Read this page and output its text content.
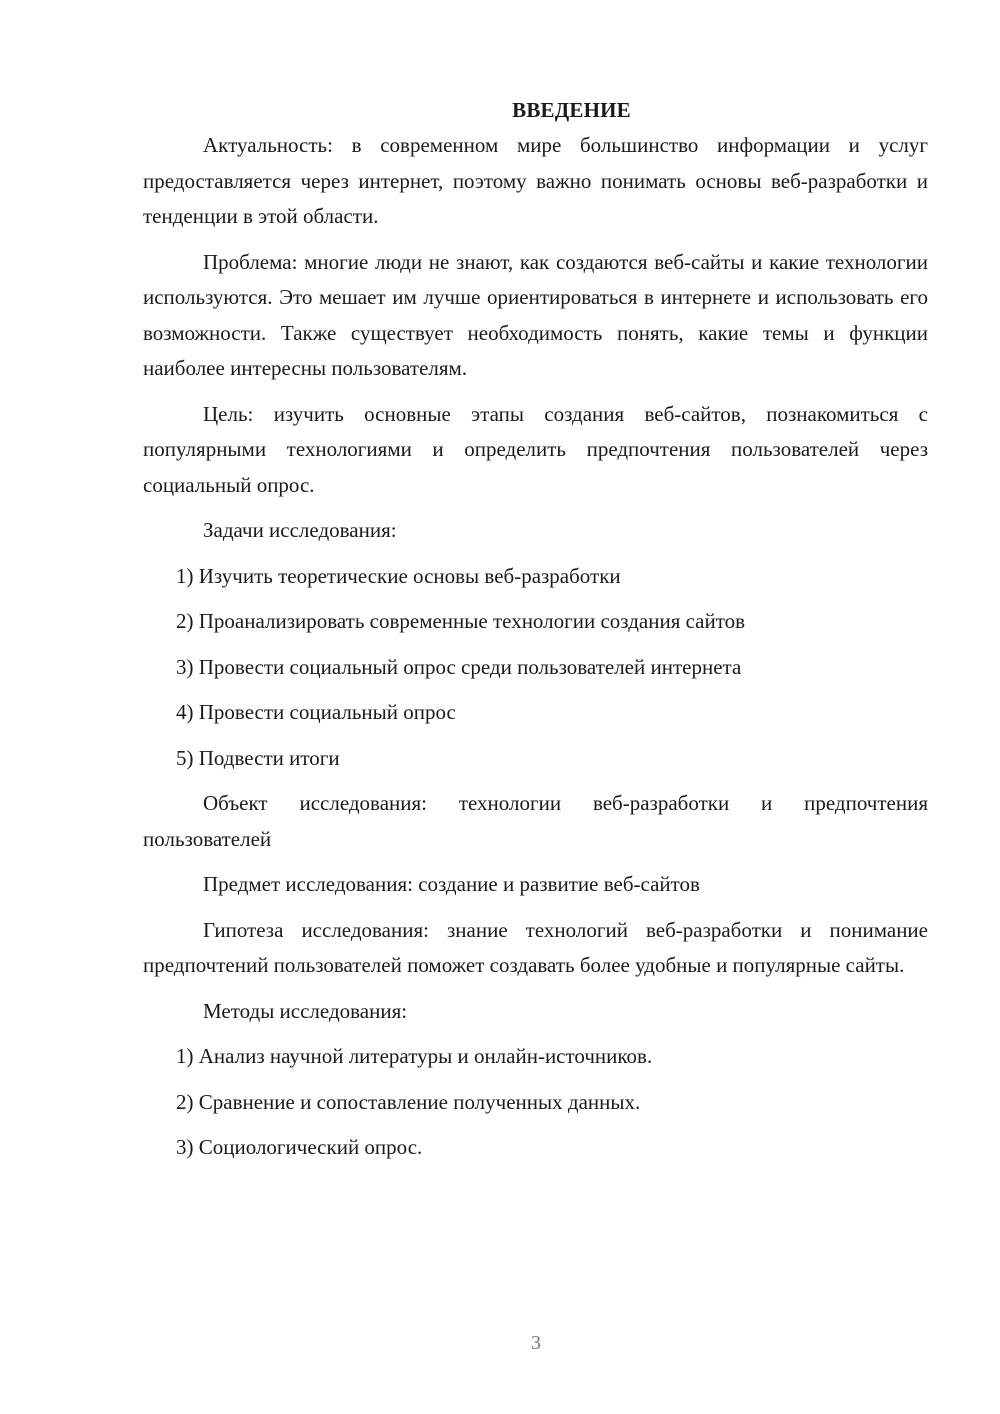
ВВЕДЕНИЕ

Актуальность: в современном мире большинство информации и услуг предоставляется через интернет, поэтому важно понимать основы веб-разработки и тенденции в этой области.

Проблема: многие люди не знают, как создаются веб-сайты и какие технологии используются. Это мешает им лучше ориентироваться в интернете и использовать его возможности. Также существует необходимость понять, какие темы и функции наиболее интересны пользователям.

Цель: изучить основные этапы создания веб-сайтов, познакомиться с популярными технологиями и определить предпочтения пользователей через социальный опрос.

Задачи исследования:

1) Изучить теоретические основы веб-разработки
2) Проанализировать современные технологии создания сайтов
3) Провести социальный опрос среди пользователей интернета
4) Провести социальный опрос
5) Подвести итоги

Объект исследования: технологии веб-разработки и предпочтения пользователей

Предмет исследования: создание и развитие веб-сайтов

Гипотеза исследования: знание технологий веб-разработки и понимание предпочтений пользователей поможет создавать более удобные и популярные сайты.

Методы исследования:

1) Анализ научной литературы и онлайн-источников.
2) Сравнение и сопоставление полученных данных.
3) Социологический опрос.
3
